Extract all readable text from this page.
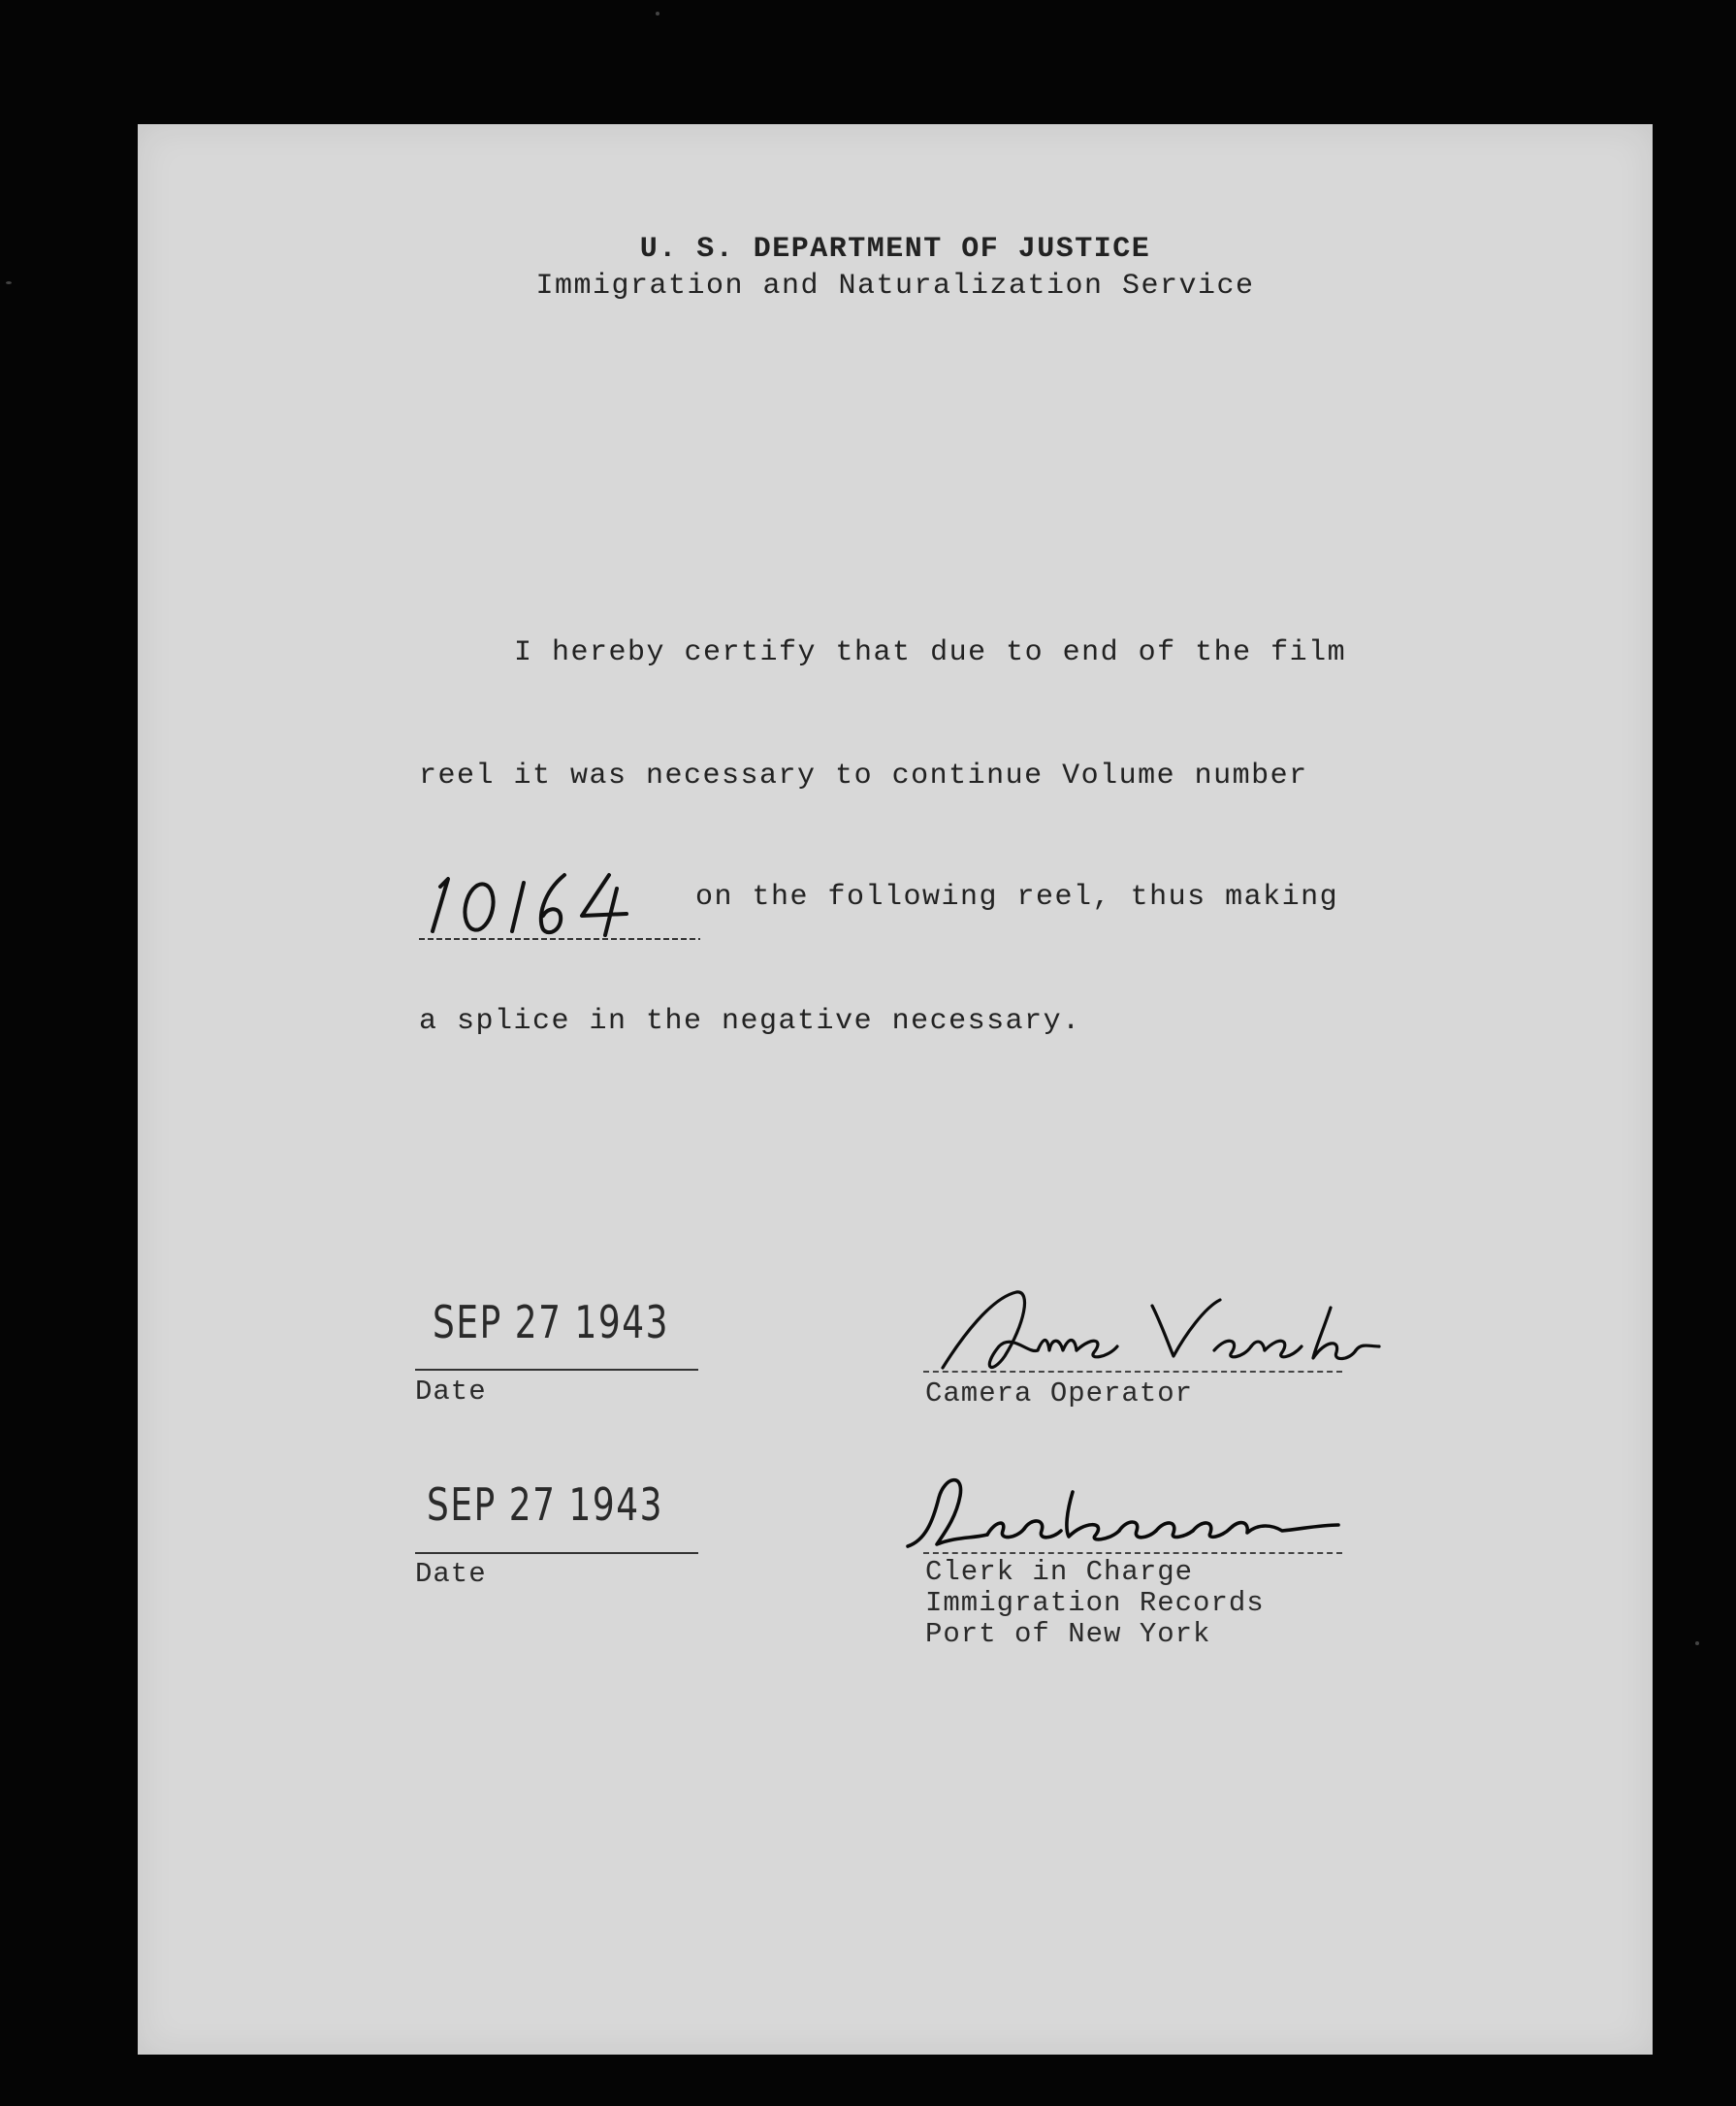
U. S. DEPARTMENT OF JUSTICE
Immigration and Naturalization Service
I hereby certify that due to end of the film
reel it was necessary to continue Volume number
on the following reel, thus making
a splice in the negative necessary.
SEP 27 1943
Date	Camera Operator
SEP 27 1943
Date	Clerk in Charge
Immigration Records
Port of New York
